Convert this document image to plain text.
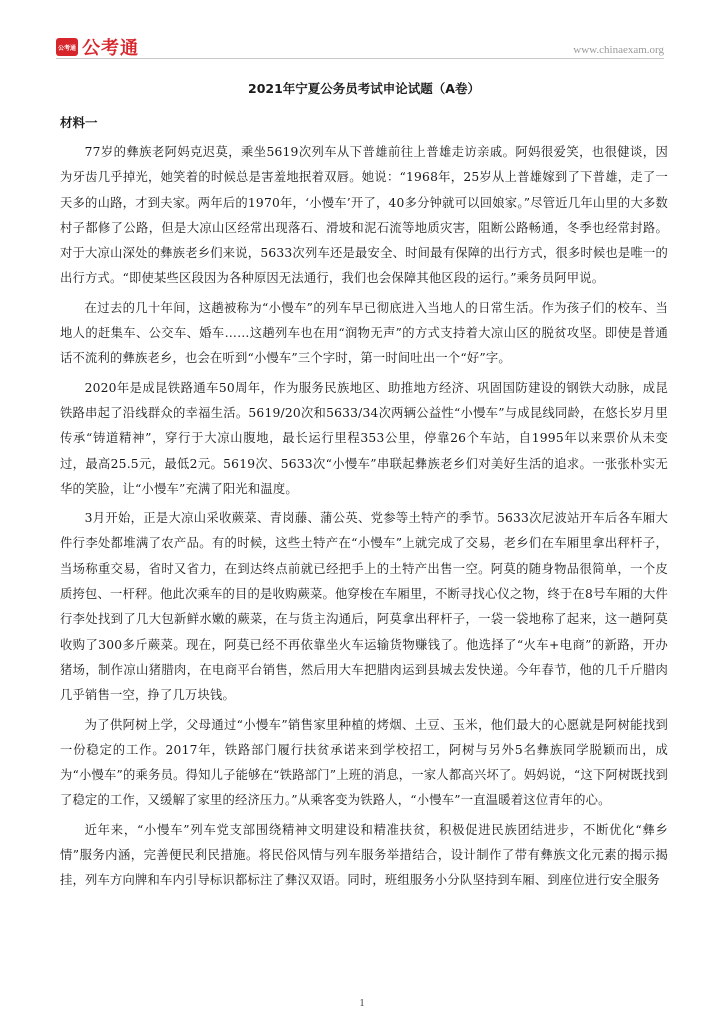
公考通 公考通	www.chinaexam.org
2021年宁夏公务员考试申论试题（A卷）
材料一

77岁的彝族老阿妈克迟莫，乘坐5619次列车从下普雄前往上普雄走访亲戚。阿妈很爱笑，也很健谈，因为牙齿几乎掉光，她笑着的时候总是害羞地抿着双唇。她说：“1968年，25岁从上普雄嫁到了下普雄，走了一天多的山路，才到夫家。两年后的1970年，‘小慢车’开了，40多分钟就可以回娘家。”尽管近几年山里的大多数村子都修了公路，但是大凉山区经常出现落石、滑坡和泥石流等地质灾害，阻断公路畅通，冬季也经常封路。对于大凉山深处的彝族老乡们来说，5633次列车还是最安全、时间最有保障的出行方式，很多时候也是唯一的出行方式。“即使某些区段因为各种原因无法通行，我们也会保障其他区段的运行。”乘务员阿甲说。

在过去的几十年间，这趟被称为“小慢车”的列车早已彻底进入当地人的日常生活。作为孩子们的校车、当地人的赶集车、公交车、婚车……这趟列车也在用“润物无声”的方式支持着大凉山区的脱贫攻坚。即使是普通话不流利的彝族老乡，也会在听到“小慢车”三个字时，第一时间吐出一个“好”字。

2020年是成昆铁路通车50周年，作为服务民族地区、助推地方经济、巩固国防建设的钢铁大动脉，成昆铁路串起了沿线群众的幸福生活。5619/20次和5633/34次两辆公益性“小慢车”与成昆线同龄，在悠长岁月里传承“铸道精神”，穿行于大凉山腹地，最长运行里程353公里，停靠26个车站，自1995年以来票价从未变过，最高25.5元，最低2元。5619次、5633次“小慢车”串联起彝族老乡们对美好生活的追求。一张张朴实无华的笑脸，让“小慢车”充满了阳光和温度。

3月开始，正是大凉山采收蕨菜、青岗藤、蒲公英、党参等土特产的季节。5633次尼波站开车后各车厢大件行李处都堆满了农产品。有的时候，这些土特产在“小慢车”上就完成了交易，老乡们在车厢里拿出秤杆子，当场称重交易，省时又省力，在到达终点前就已经把手上的土特产出售一空。阿莫的随身物品很简单，一个皮质挎包、一杆秤。他此次乘车的目的是收购蕨菜。他穿梭在车厢里，不断寻找心仪之物，终于在8号车厢的大件行李处找到了几大包新鲜水嫩的蕨菜，在与货主沟通后，阿莫拿出秤杆子，一袋一袋地称了起来，这一趟阿莫收购了300多斤蕨菜。现在，阿莫已经不再依靠坐火车运输货物赚钱了。他选择了“火车+电商”的新路，开办猪场，制作凉山猪腊肉，在电商平台销售，然后用大车把腊肉运到县城去发快递。今年春节，他的几千斤腊肉几乎销售一空，挣了几万块钱。

为了供阿树上学，父母通过“小慢车”销售家里种植的烤烟、土豆、玉米，他们最大的心愿就是阿树能找到一份稳定的工作。2017年，铁路部门履行扶贫承诺来到学校招工，阿树与另外5名彝族同学脱颖而出，成为“小慢车”的乘务员。得知儿子能够在“铁路部门”上班的消息，一家人都高兴坏了。妈妈说，“这下阿树既找到了稳定的工作，又缓解了家里的经济压力。”从乘客变为铁路人，“小慢车”一直温暖着这位青年的心。

近年来，“小慢车”列车党支部围绕精神文明建设和精准扶贫，积极促进民族团结进步，不断优化“彝乡情”服务内涵，完善便民利民措施。将民俗风情与列车服务举措结合，设计制作了带有彝族文化元素的揭示揭挂，列车方向牌和车内引导标识都标注了彝汉双语。同时，班组服务小分队坚持到车厢、到座位进行安全服务

1
